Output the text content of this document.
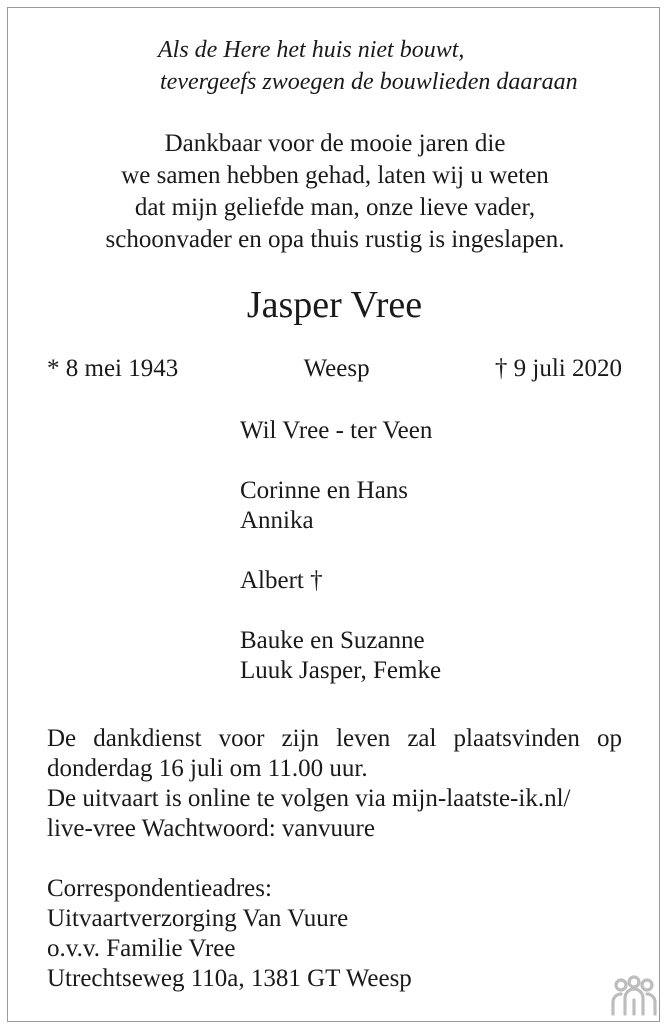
Als de Here het huis niet bouwt,
tevergeefs zwoegen de bouwlieden daaraan
Dankbaar voor de mooie jaren die
we samen hebben gehad, laten wij u weten
dat mijn geliefde man, onze lieve vader,
schoonvader en opa thuis rustig is ingeslapen.
Jasper Vree
* 8 mei 1943	Weesp	† 9 juli 2020
Wil Vree - ter Veen
Corinne en Hans
Annika
Albert †
Bauke en Suzanne
Luuk Jasper, Femke
De dankdienst voor zijn leven zal plaatsvinden op
donderdag 16 juli om 11.00 uur.
De uitvaart is online te volgen via mijn-laatste-ik.nl/
live-vree Wachtwoord: vanvuure
Correspondentieadres:
Uitvaartverzorging Van Vuure
o.v.v. Familie Vree
Utrechtseweg 110a, 1381 GT Weesp
